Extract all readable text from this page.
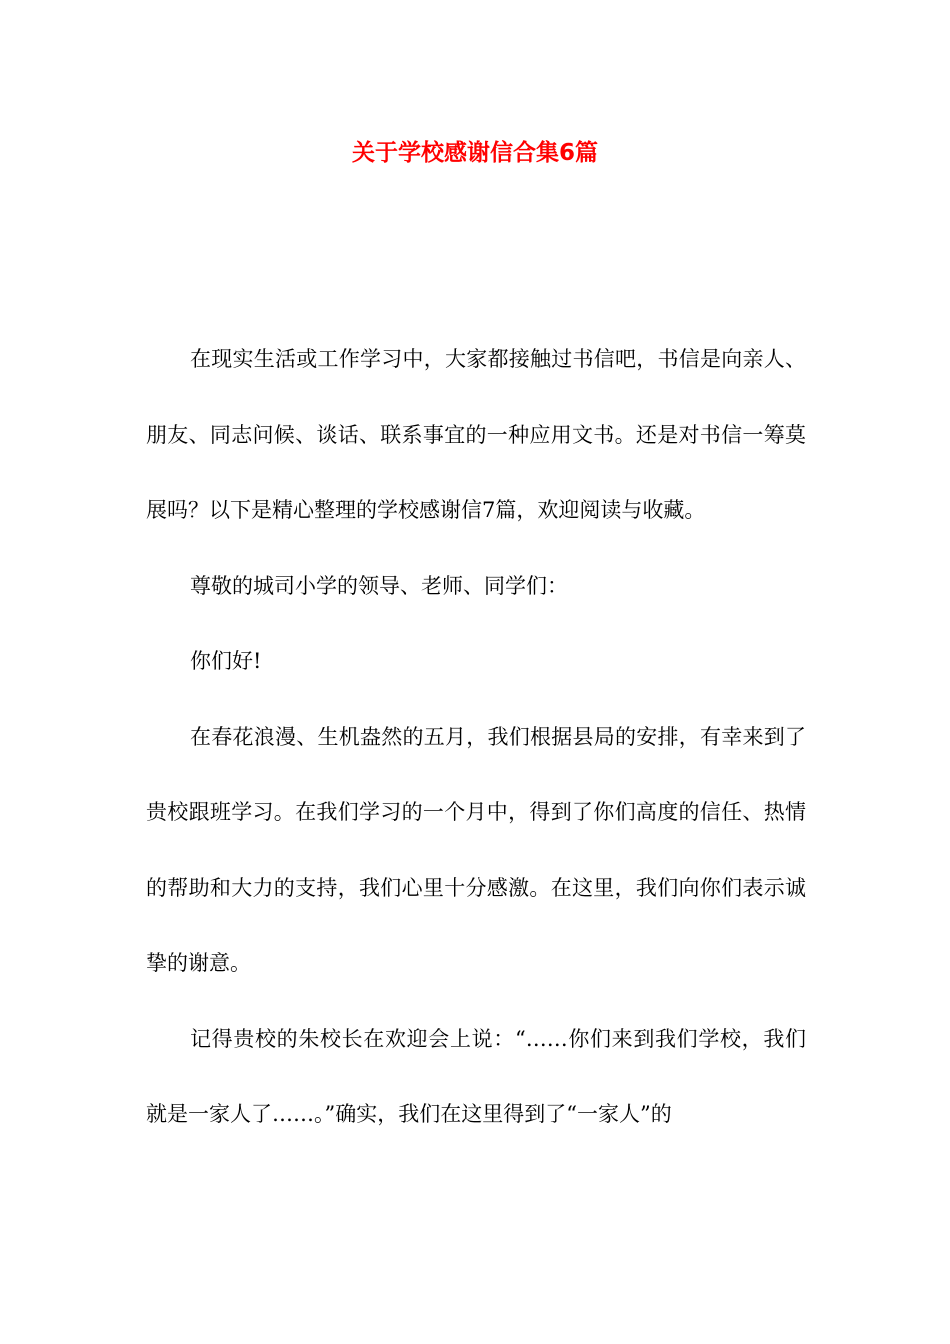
关于学校感谢信合集6篇

在现实生活或工作学习中，大家都接触过书信吧，书信是向亲人、朋友、同志问候、谈话、联系事宜的一种应用文书。还是对书信一筹莫展吗？以下是精心整理的学校感谢信7篇，欢迎阅读与收藏。

尊敬的城司小学的领导、老师、同学们：

你们好!

在春花浪漫、生机盎然的五月，我们根据县局的安排，有幸来到了贵校跟班学习。在我们学习的一个月中，得到了你们高度的信任、热情的帮助和大力的支持，我们心里十分感激。在这里，我们向你们表示诚挚的谢意。

记得贵校的朱校长在欢迎会上说：“……你们来到我们学校，我们就是一家人了……。”确实，我们在这里得到了“一家人”的
